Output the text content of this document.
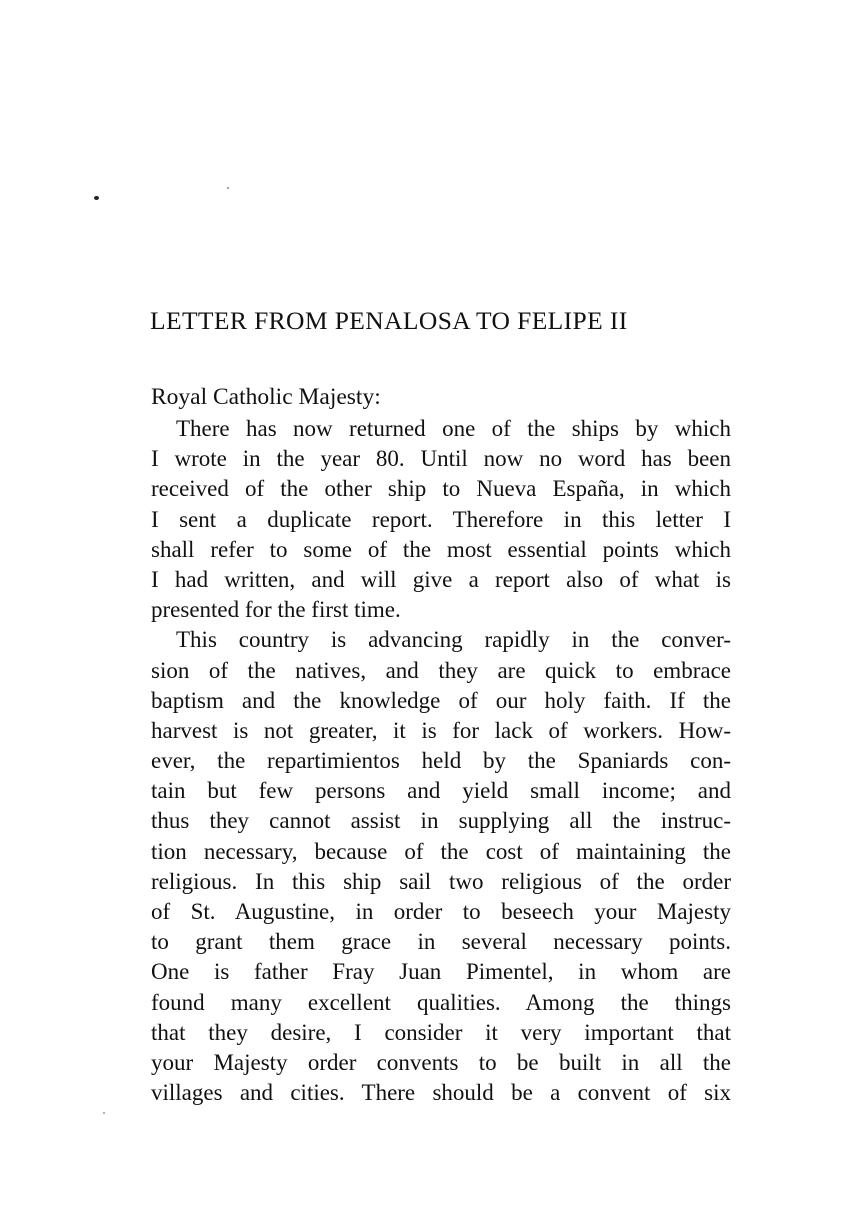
LETTER FROM PENALOSA TO FELIPE II

Royal Catholic Majesty:

There has now returned one of the ships by which
I wrote in the year 80. Until now no word has been
received of the other ship to Nueva España, in which
I sent a duplicate report. Therefore in this letter I
shall refer to some of the most essential points which
I had written, and will give a report also of what is
presented for the first time.
This country is advancing rapidly in the conver-
sion of the natives, and they are quick to embrace
baptism and the knowledge of our holy faith. If the
harvest is not greater, it is for lack of workers. How-
ever, the repartimientos held by the Spaniards con-
tain but few persons and yield small income; and
thus they cannot assist in supplying all the instruc-
tion necessary, because of the cost of maintaining the
religious. In this ship sail two religious of the order
of St. Augustine, in order to beseech your Majesty
to grant them grace in several necessary points.
One is father Fray Juan Pimentel, in whom are
found many excellent qualities. Among the things
that they desire, I consider it very important that
your Majesty order convents to be built in all the
villages and cities. There should be a convent of six
